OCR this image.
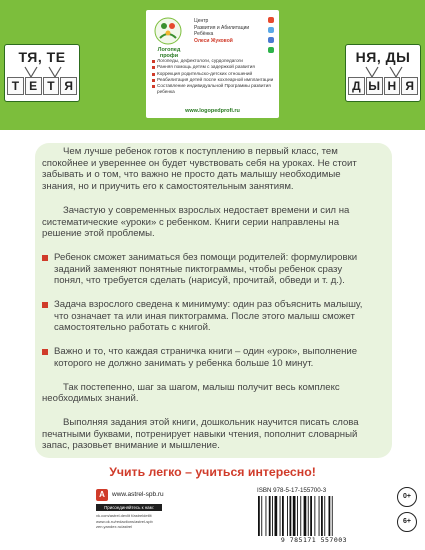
ТЯ, ТЕ
Т Е Т Я
Логопед профи
Центр
Развития и Абилитации Ребёнка
Олеси Жуковой
Логопеды, дефектологи, сурдопедагоги
Ранняя помощь детям с задержкой развития
Коррекция родительско-детских отношений
Реабилитация детей после кохлеарной имплантации
Составление индивидуальной Программы развития ребенка
www.logopedprofi.ru
НЯ, ДЫ
Д Ы Н Я

Чем лучше ребенок готов к поступлению в первый класс, тем спокойнее и увереннее он будет чувствовать себя на уроках. Не стоит забывать и о том, что важно не просто дать малышу необходимые знания, но и приучить его к самостоятельным занятиям.

Зачастую у современных взрослых недостает времени и сил на систематические «уроки» с ребенком. Книги серии направлены на решение этой проблемы.

Ребенок сможет заниматься без помощи родителей: формулировки заданий заменяют понятные пиктограммы, чтобы ребенок сразу понял, что требуется сделать (нарисуй, прочитай, обведи и т. д.).

Задача взрослого сведена к минимуму: один раз объяснить малышу, что означает та или иная пиктограмма. После этого малыш сможет самостоятельно работать с книгой.

Важно и то, что каждая страничка книги – один «урок», выполнение которого не должно занимать у ребенка больше 10 минут.

Так постепенно, шаг за шагом, малыш получит весь комплекс необходимых знаний.

Выполняя задания этой книги, дошкольник научится писать слова печатными буквами, потренирует навыки чтения, пополнит словарный запас, разовьет внимание и мышление.

Учить легко – учиться интересно!
А	www.astrel-spb.ru
Присоединяйтесь к нам:
vk.com/astrel.devlit f/astreldetlit
www.ok.ru/redactions/astrel-spb
zen.yandex.ru/astrel
ISBN 978-5-17-155700-3
9 785171 557003
0+
6+
